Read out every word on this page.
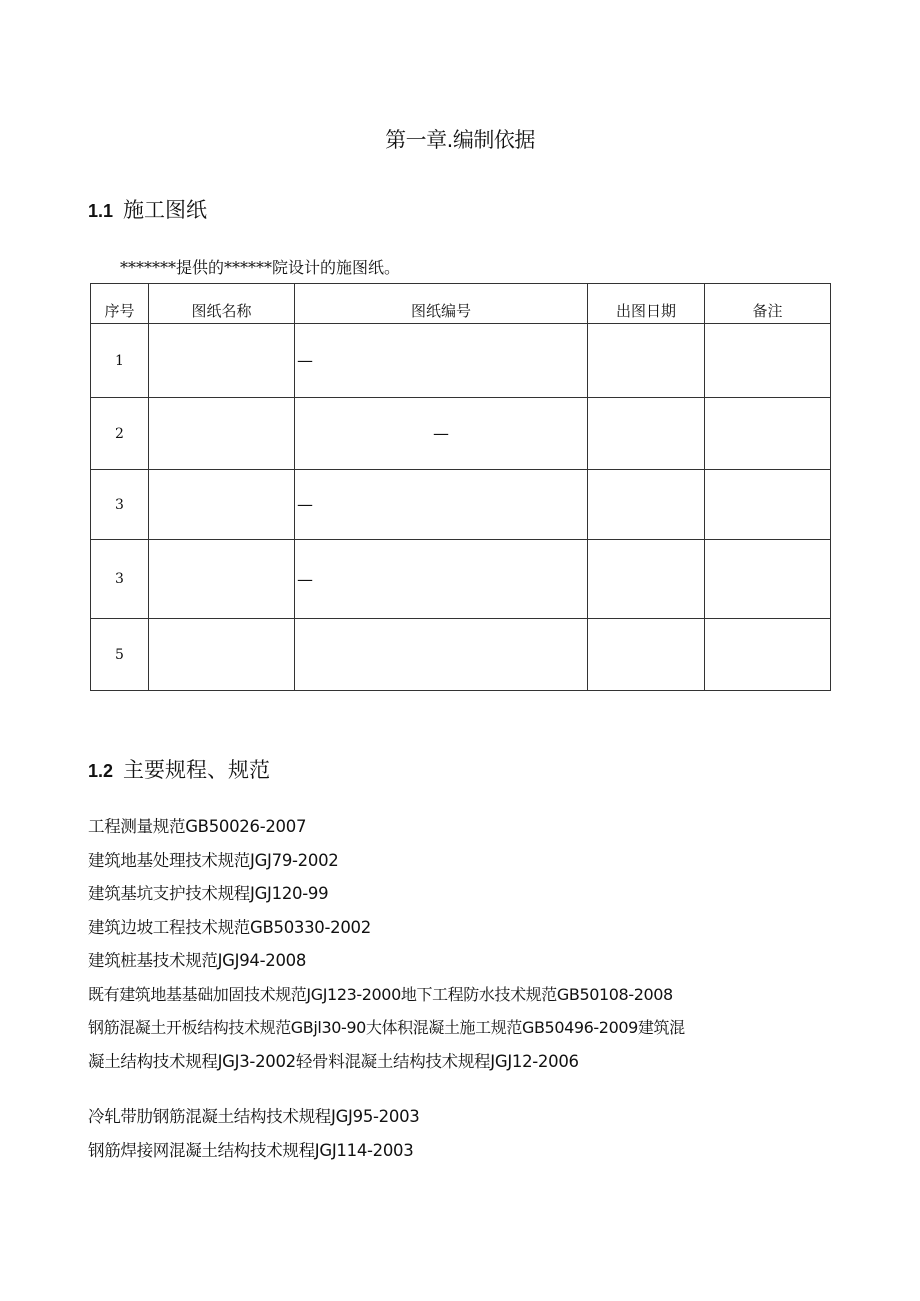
第一章.编制依据
1.1 施工图纸
*******提供的******院设计的施图纸。
序号	图纸名称	图纸编号	出图日期	备注
1		—		
2		—		
3		—		
3		—		
5				
1.2 主要规程、规范
工程测量规范GB50026-2007
建筑地基处理技术规范JGJ79-2002
建筑基坑支护技术规程JGJ120-99
建筑边坡工程技术规范GB50330-2002
建筑桩基技术规范JGJ94-2008
既有建筑地基基础加固技术规范JGJ123-2000地下工程防水技术规范GB50108-2008
钢筋混凝土开板结构技术规范GBjl30-90大体积混凝土施工规范GB50496-2009建筑混
凝土结构技术规程JGJ3-2002轻骨料混凝土结构技术规程JGJ12-2006
冷轧带肋钢筋混凝土结构技术规程JGJ95-2003
钢筋焊接网混凝土结构技术规程JGJ114-2003
